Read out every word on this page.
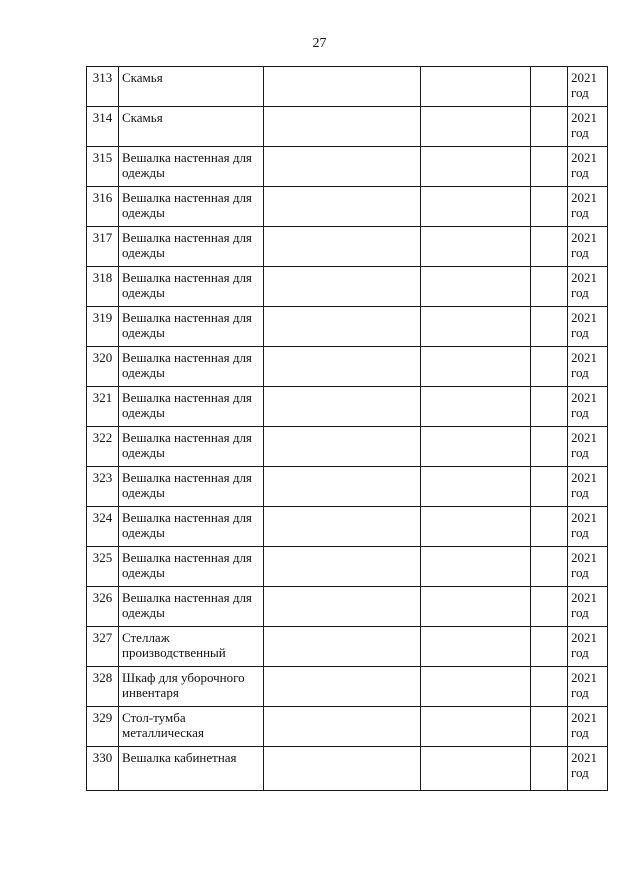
27
313	Скамья				2021
год

314	Скамья				2021
год

315	Вешалка настенная для одежды				2021
год

316	Вешалка настенная для одежды				2021
год

317	Вешалка настенная для одежды				2021
год

318	Вешалка настенная для одежды				2021
год

319	Вешалка настенная для одежды				2021
год

320	Вешалка настенная для одежды				2021
год

321	Вешалка настенная для одежды				2021
год

322	Вешалка настенная для одежды				2021
год

323	Вешалка настенная для одежды				2021
год

324	Вешалка настенная для одежды				2021
год

325	Вешалка настенная для одежды				2021
год

326	Вешалка настенная для одежды				2021
год

327	Стеллаж производственный				2021
год

328	Шкаф для уборочного инвентаря				2021
год

329	Стол-тумба металлическая				2021
год

330	Вешалка кабинетная				2021
год
